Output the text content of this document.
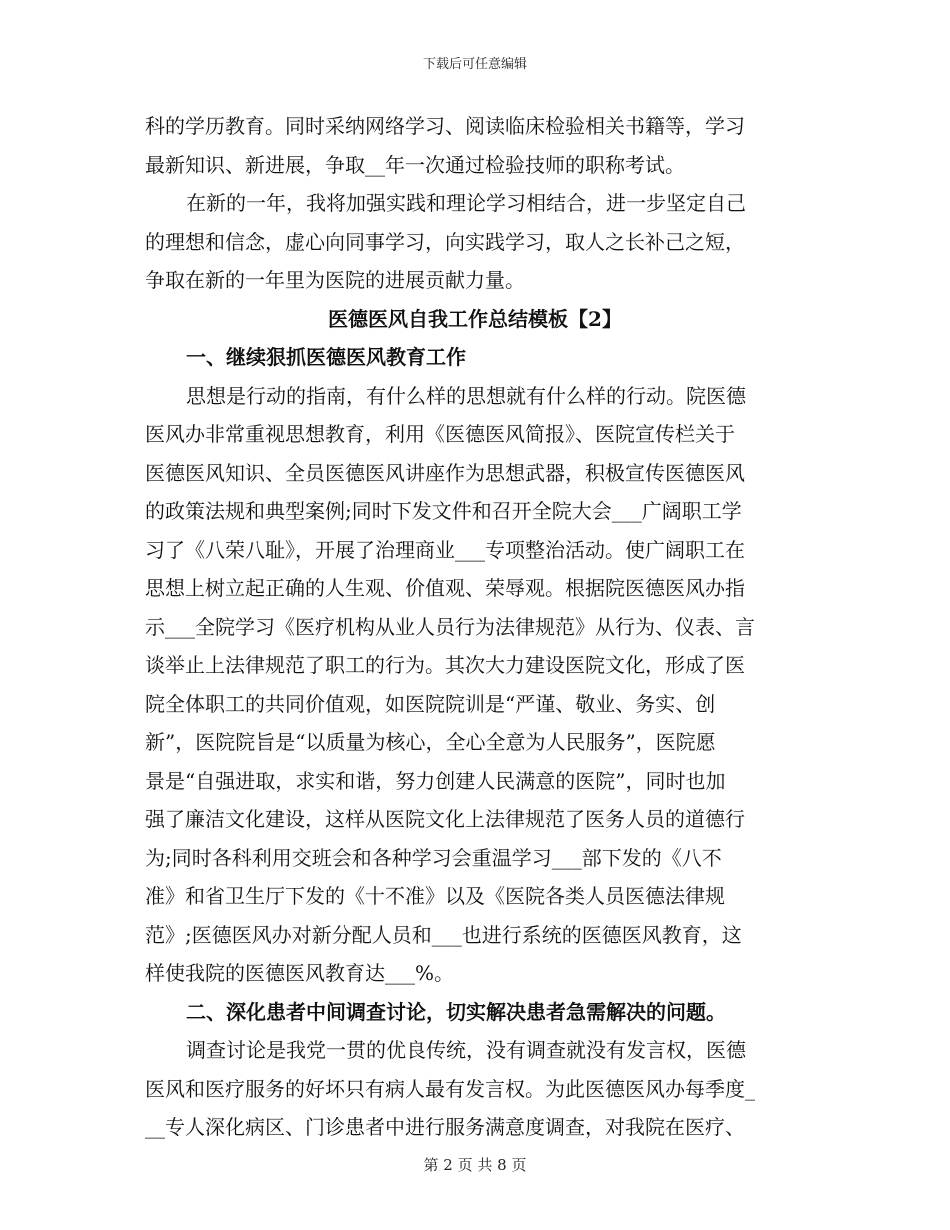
下载后可任意编辑
科的学历教育。同时采纳网络学习、阅读临床检验相关书籍等，学习
最新知识、新进展，争取__年一次通过检验技师的职称考试。
在新的一年，我将加强实践和理论学习相结合，进一步坚定自己
的理想和信念，虚心向同事学习，向实践学习，取人之长补己之短，
争取在新的一年里为医院的进展贡献力量。
医德医风自我工作总结模板【2】
一、继续狠抓医德医风教育工作
思想是行动的指南，有什么样的思想就有什么样的行动。院医德
医风办非常重视思想教育，利用《医德医风简报》、医院宣传栏关于
医德医风知识、全员医德医风讲座作为思想武器，积极宣传医德医风
的政策法规和典型案例;同时下发文件和召开全院大会___广阔职工学
习了《八荣八耻》，开展了治理商业___专项整治活动。使广阔职工在
思想上树立起正确的人生观、价值观、荣辱观。根据院医德医风办指
示___全院学习《医疗机构从业人员行为法律规范》从行为、仪表、言
谈举止上法律规范了职工的行为。其次大力建设医院文化，形成了医
院全体职工的共同价值观，如医院院训是“严谨、敬业、务实、创
新”，医院院旨是“以质量为核心，全心全意为人民服务”，医院愿
景是“自强进取，求实和谐，努力创建人民满意的医院”，同时也加
强了廉洁文化建设，这样从医院文化上法律规范了医务人员的道德行
为;同时各科利用交班会和各种学习会重温学习___部下发的《八不
准》和省卫生厅下发的《十不准》以及《医院各类人员医德法律规
范》;医德医风办对新分配人员和___也进行系统的医德医风教育，这
样使我院的医德医风教育达___%。
二、深化患者中间调查讨论，切实解决患者急需解决的问题。
调查讨论是我党一贯的优良传统，没有调查就没有发言权，医德
医风和医疗服务的好坏只有病人最有发言权。为此医德医风办每季度_
__专人深化病区、门诊患者中进行服务满意度调查，对我院在医疗、
第 2 页 共 8 页
